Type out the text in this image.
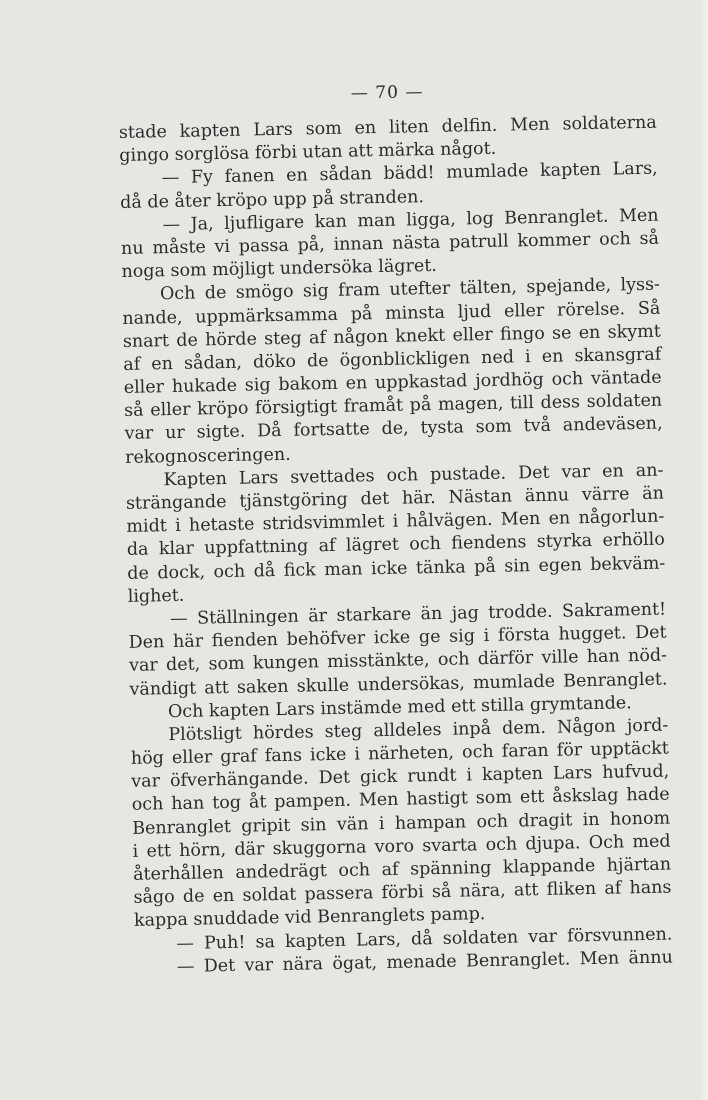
— 70 —
stade kapten Lars som en liten delfin. Men soldaterna
gingo sorglösa förbi utan att märka något.
— Fy fanen en sådan bädd! mumlade kapten Lars,
då de åter kröpo upp på stranden.
— Ja, ljufligare kan man ligga, log Benranglet. Men
nu måste vi passa på, innan nästa patrull kommer och så
noga som möjligt undersöka lägret.
Och de smögo sig fram utefter tälten, spejande, lyss-
nande, uppmärksamma på minsta ljud eller rörelse. Så
snart de hörde steg af någon knekt eller fingo se en skymt
af en sådan, döko de ögonblickligen ned i en skansgraf
eller hukade sig bakom en uppkastad jordhög och väntade
så eller kröpo försigtigt framåt på magen, till dess soldaten
var ur sigte. Då fortsatte de, tysta som två andeväsen,
rekognosceringen.
Kapten Lars svettades och pustade. Det var en an-
strängande tjänstgöring det här. Nästan ännu värre än
midt i hetaste stridsvimmlet i hålvägen. Men en någorlun-
da klar uppfattning af lägret och fiendens styrka erhöllo
de dock, och då fick man icke tänka på sin egen bekväm-
lighet.
— Ställningen är starkare än jag trodde. Sakrament!
Den här fienden behöfver icke ge sig i första hugget. Det
var det, som kungen misstänkte, och därför ville han nöd-
vändigt att saken skulle undersökas, mumlade Benranglet.
Och kapten Lars instämde med ett stilla grymtande.
Plötsligt hördes steg alldeles inpå dem. Någon jord-
hög eller graf fans icke i närheten, och faran för upptäckt
var öfverhängande. Det gick rundt i kapten Lars hufvud,
och han tog åt pampen. Men hastigt som ett åskslag hade
Benranglet gripit sin vän i hampan och dragit in honom
i ett hörn, där skuggorna voro svarta och djupa. Och med
återhållen andedrägt och af spänning klappande hjärtan
sågo de en soldat passera förbi så nära, att fliken af hans
kappa snuddade vid Benranglets pamp.
— Puh! sa kapten Lars, då soldaten var försvunnen.
— Det var nära ögat, menade Benranglet. Men ännu
